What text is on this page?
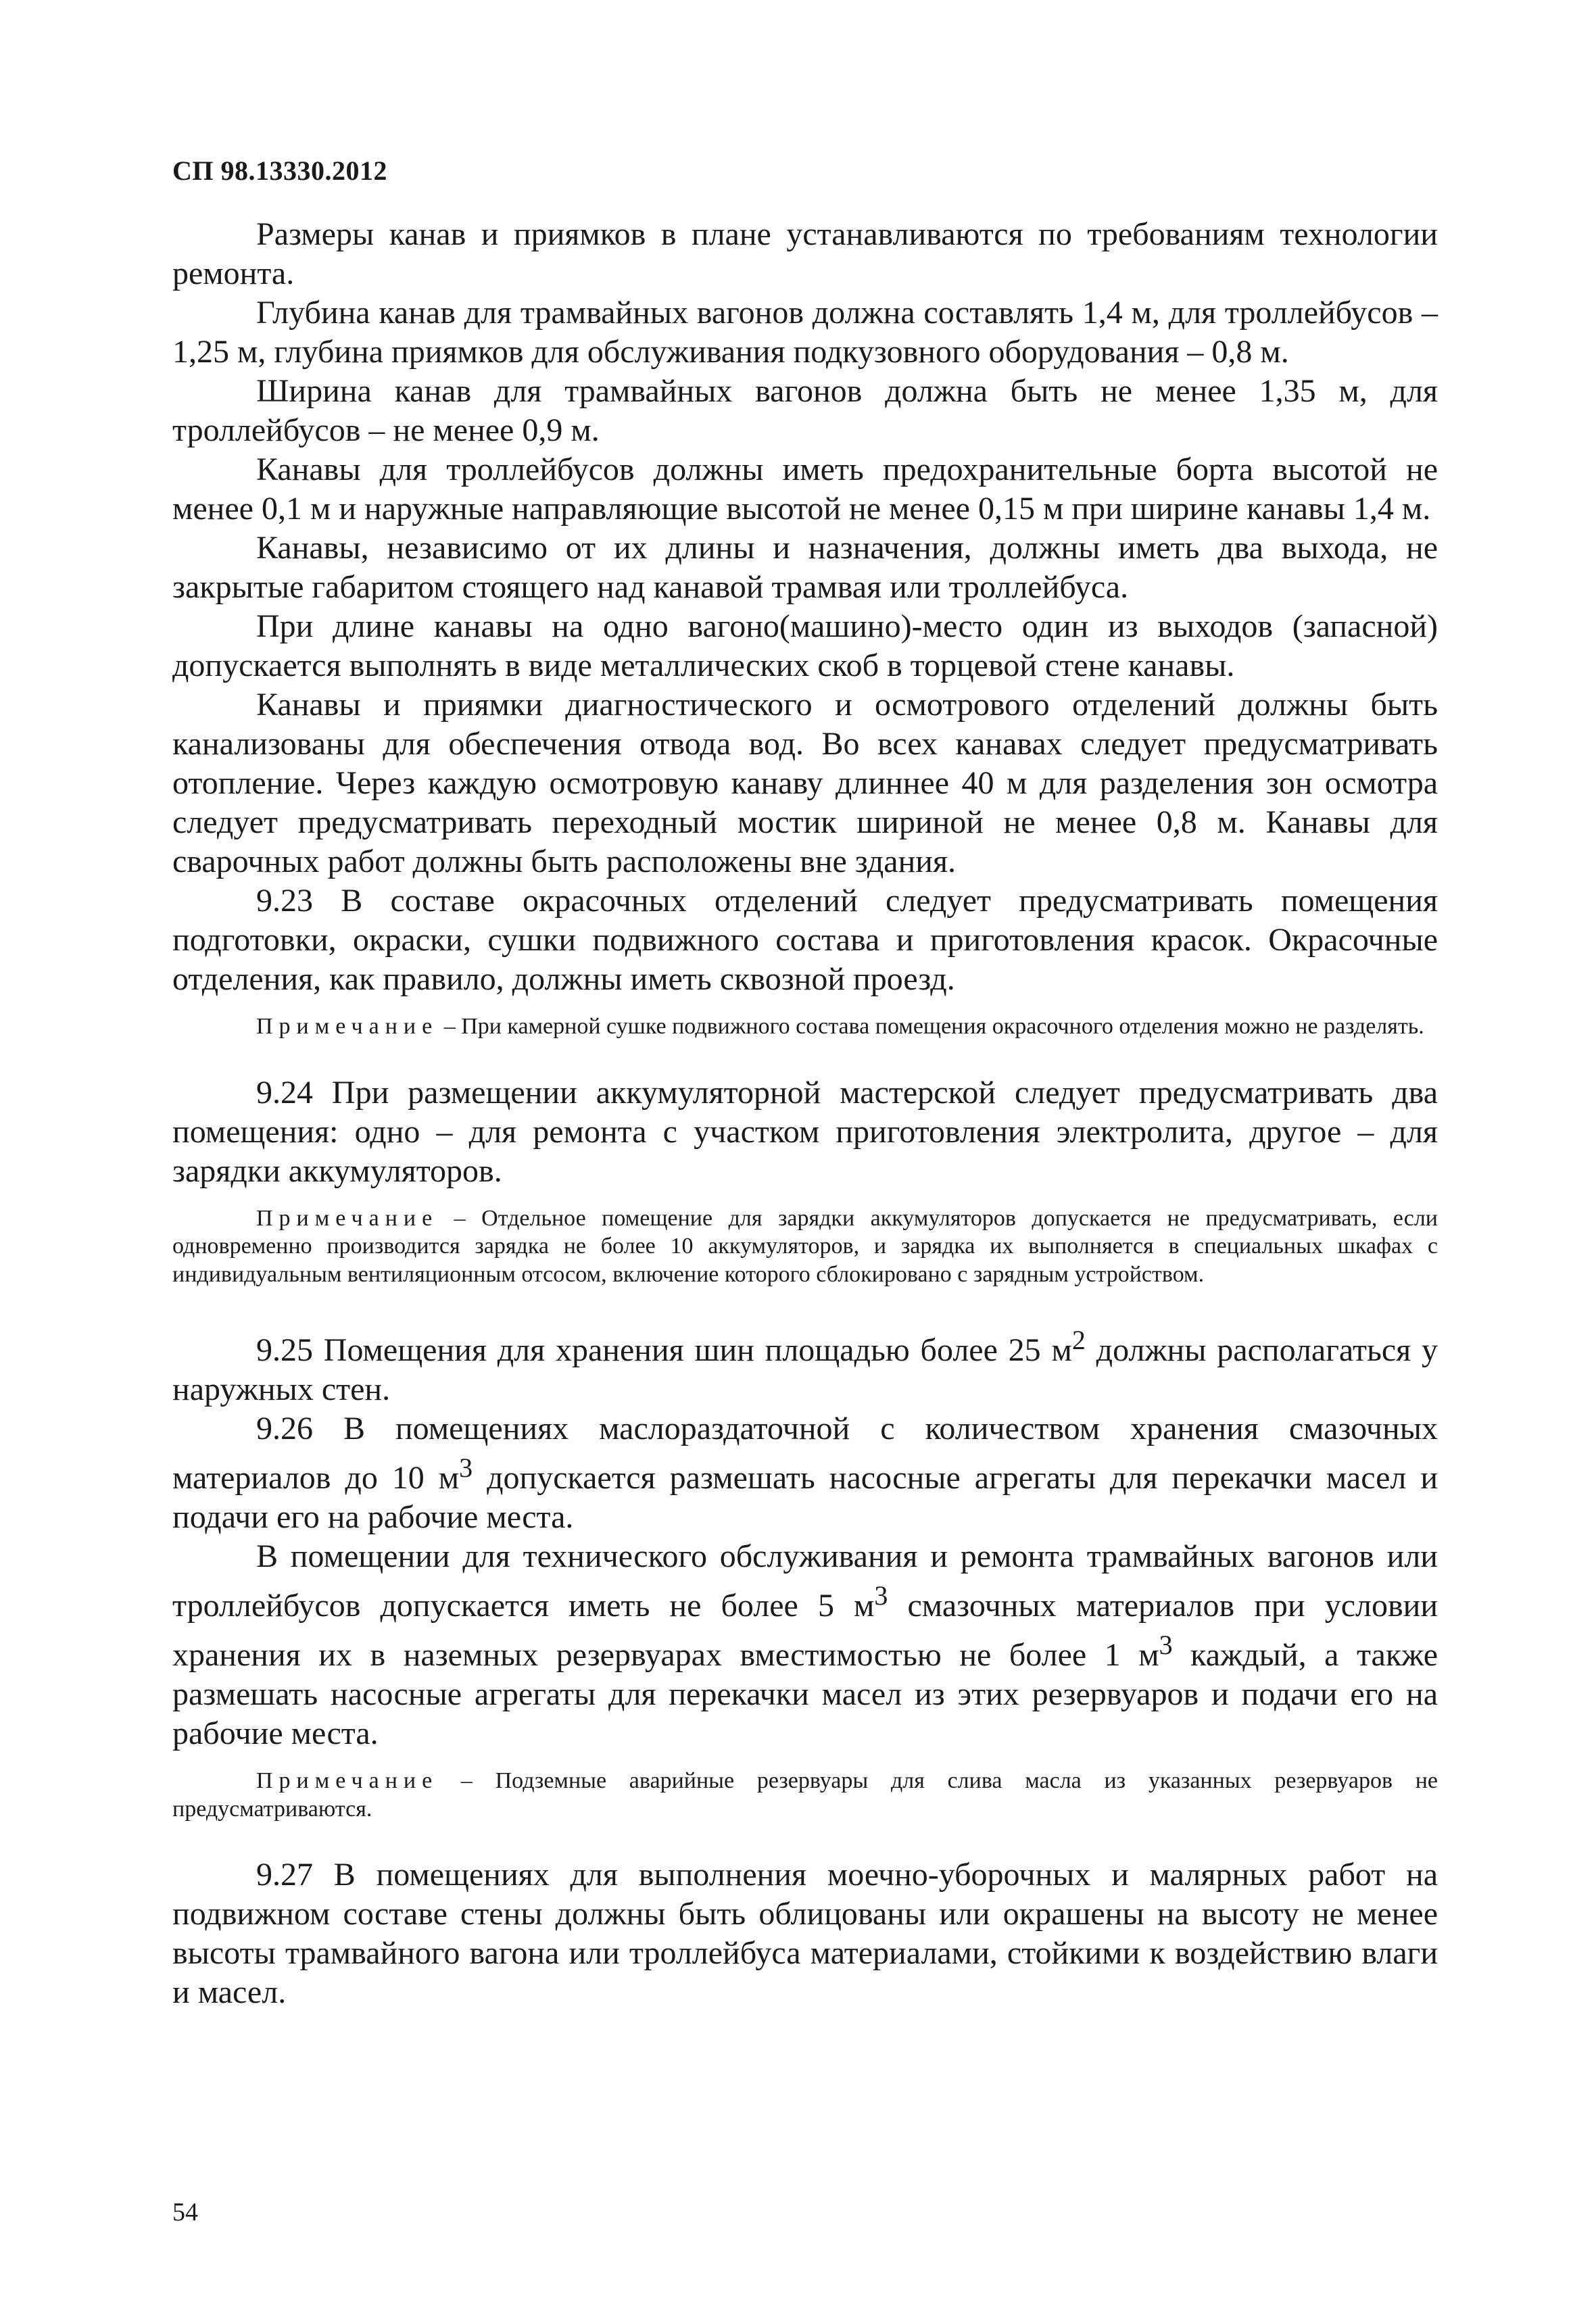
СП 98.13330.2012

Размеры канав и приямков в плане устанавливаются по требованиям технологии ремонта.

Глубина канав для трамвайных вагонов должна составлять 1,4 м, для троллейбусов – 1,25 м, глубина приямков для обслуживания подкузовного оборудования – 0,8 м.

Ширина канав для трамвайных вагонов должна быть не менее 1,35 м, для троллейбусов – не менее 0,9 м.

Канавы для троллейбусов должны иметь предохранительные борта высотой не менее 0,1 м и наружные направляющие высотой не менее 0,15 м при ширине канавы 1,4 м.

Канавы, независимо от их длины и назначения, должны иметь два выхода, не закрытые габаритом стоящего над канавой трамвая или троллейбуса.

При длине канавы на одно вагоно(машино)-место один из выходов (запасной) допускается выполнять в виде металлических скоб в торцевой стене канавы.

Канавы и приямки диагностического и осмотрового отделений должны быть канализованы для обеспечения отвода вод. Во всех канавах следует предусматривать отопление. Через каждую осмотровую канаву длиннее 40 м для разделения зон осмотра следует предусматривать переходный мостик шириной не менее 0,8 м. Канавы для сварочных работ должны быть расположены вне здания.

9.23 В составе окрасочных отделений следует предусматривать помещения подготовки, окраски, сушки подвижного состава и приготовления красок. Окрасочные отделения, как правило, должны иметь сквозной проезд.

Примечание – При камерной сушке подвижного состава помещения окрасочного отделения можно не разделять.

9.24 При размещении аккумуляторной мастерской следует предусматривать два помещения: одно – для ремонта с участком приготовления электролита, другое – для зарядки аккумуляторов.

Примечание – Отдельное помещение для зарядки аккумуляторов допускается не предусматривать, если одновременно производится зарядка не более 10 аккумуляторов, и зарядка их выполняется в специальных шкафах с индивидуальным вентиляционным отсосом, включение которого сблокировано с зарядным устройством.

9.25 Помещения для хранения шин площадью более 25 $м^2$ должны располагаться у наружных стен.

9.26 В помещениях маслораздаточной с количеством хранения смазочных материалов до 10 $м^3$ допускается размешать насосные агрегаты для перекачки масел и подачи его на рабочие места.

В помещении для технического обслуживания и ремонта трамвайных вагонов или троллейбусов допускается иметь не более 5 $м^3$ смазочных материалов при условии хранения их в наземных резервуарах вместимостью не более 1 $м^3$ каждый, а также размешать насосные агрегаты для перекачки масел из этих резервуаров и подачи его на рабочие места.

Примечание – Подземные аварийные резервуары для слива масла из указанных резервуаров не предусматриваются.

9.27 В помещениях для выполнения моечно-уборочных и малярных работ на подвижном составе стены должны быть облицованы или окрашены на высоту не менее высоты трамвайного вагона или троллейбуса материалами, стойкими к воздействию влаги и масел.

54
